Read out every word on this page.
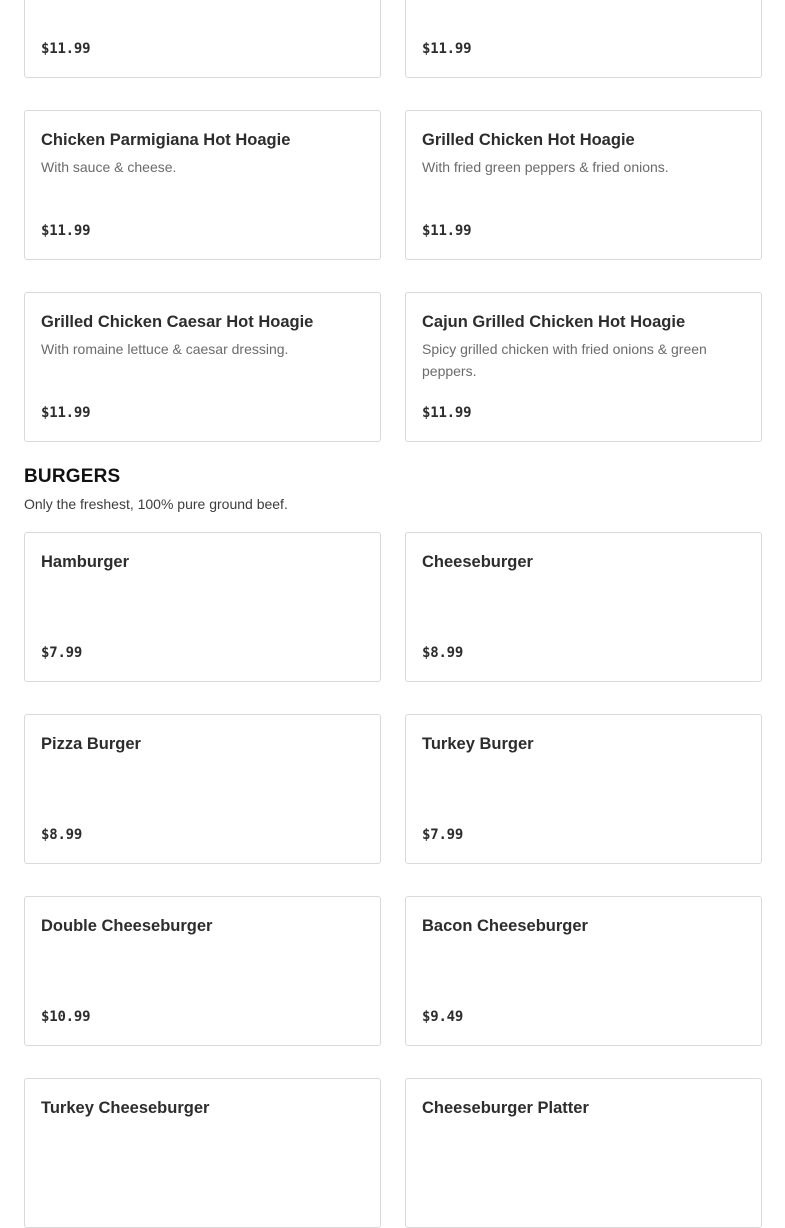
$11.99	$11.99
Chicken Parmigiana Hot Hoagie
With sauce & cheese.
$11.99
Grilled Chicken Hot Hoagie
With fried green peppers & fried onions.
$11.99
Grilled Chicken Caesar Hot Hoagie
With romaine lettuce & caesar dressing.
$11.99
Cajun Grilled Chicken Hot Hoagie
Spicy grilled chicken with fried onions & green peppers.
$11.99
BURGERS

Only the freshest, 100% pure ground beef.

Hamburger
$7.99
Cheeseburger
$8.99
Pizza Burger
$8.99
Turkey Burger
$7.99
Double Cheeseburger
$10.99
Bacon Cheeseburger
$9.49
Turkey Cheeseburger	Cheeseburger Platter
